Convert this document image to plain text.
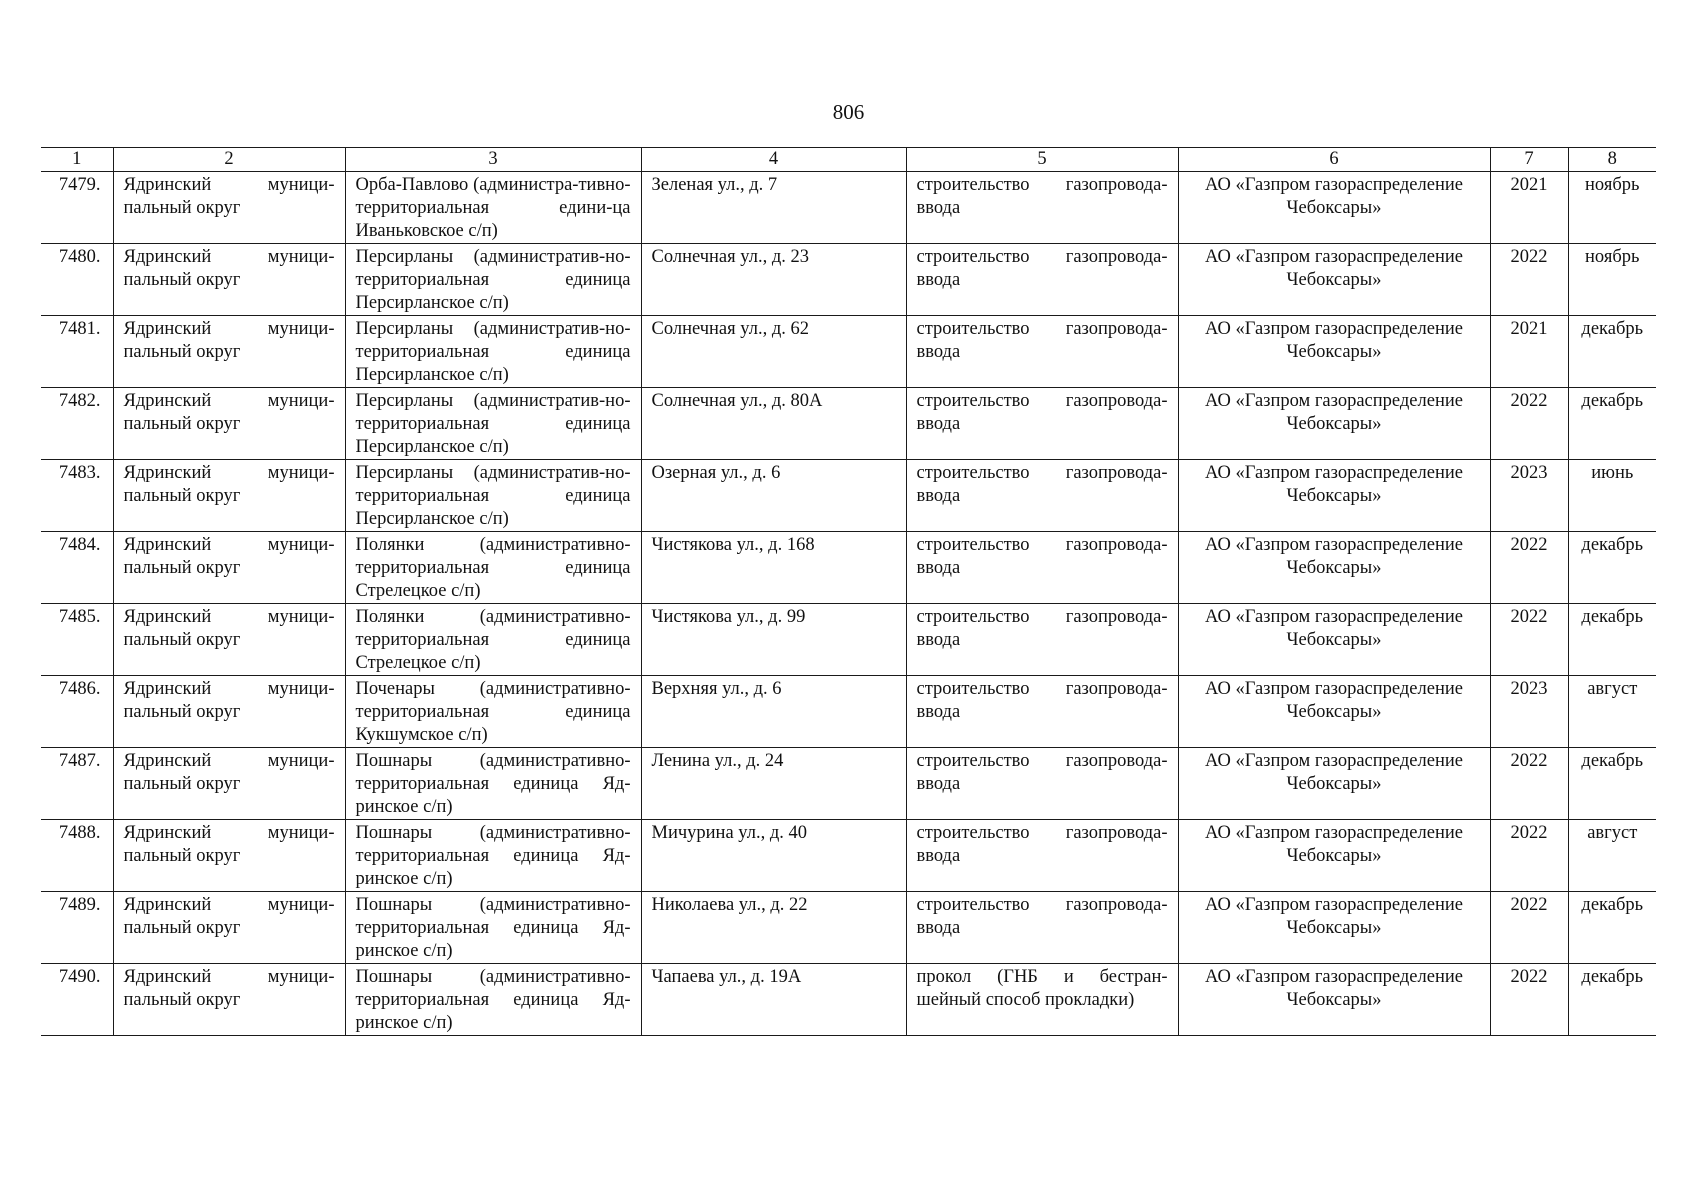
806
1	2	3	4	5	6	7	8
7479.	Ядринский муници-пальный округ	Орба-Павлово (администра-тивно-территориальная едини-ца Иваньковское с/п)	Зеленая ул., д. 7	строительство газопровода-ввода	АО «Газпром газораспределение Чебоксары»	2021	ноябрь
7480.	Ядринский муници-пальный округ	Персирланы (административ-но-территориальная единица Персирланское с/п)	Солнечная ул., д. 23	строительство газопровода-ввода	АО «Газпром газораспределение Чебоксары»	2022	ноябрь
7481.	Ядринский муници-пальный округ	Персирланы (административ-но-территориальная единица Персирланское с/п)	Солнечная ул., д. 62	строительство газопровода-ввода	АО «Газпром газораспределение Чебоксары»	2021	декабрь
7482.	Ядринский муници-пальный округ	Персирланы (административ-но-территориальная единица Персирланское с/п)	Солнечная ул., д. 80А	строительство газопровода-ввода	АО «Газпром газораспределение Чебоксары»	2022	декабрь
7483.	Ядринский муници-пальный округ	Персирланы (административ-но-территориальная единица Персирланское с/п)	Озерная ул., д. 6	строительство газопровода-ввода	АО «Газпром газораспределение Чебоксары»	2023	июнь
7484.	Ядринский муници-пальный округ	Полянки (административно-территориальная единица Стрелецкое с/п)	Чистякова ул., д. 168	строительство газопровода-ввода	АО «Газпром газораспределение Чебоксары»	2022	декабрь
7485.	Ядринский муници-пальный округ	Полянки (административно-территориальная единица Стрелецкое с/п)	Чистякова ул., д. 99	строительство газопровода-ввода	АО «Газпром газораспределение Чебоксары»	2022	декабрь
7486.	Ядринский муници-пальный округ	Поченары (административно-территориальная единица Кукшумское с/п)	Верхняя ул., д. 6	строительство газопровода-ввода	АО «Газпром газораспределение Чебоксары»	2023	август
7487.	Ядринский муници-пальный округ	Пошнары (административно-территориальная единица Яд-ринское с/п)	Ленина ул., д. 24	строительство газопровода-ввода	АО «Газпром газораспределение Чебоксары»	2022	декабрь
7488.	Ядринский муници-пальный округ	Пошнары (административно-территориальная единица Яд-ринское с/п)	Мичурина ул., д. 40	строительство газопровода-ввода	АО «Газпром газораспределение Чебоксары»	2022	август
7489.	Ядринский муници-пальный округ	Пошнары (административно-территориальная единица Яд-ринское с/п)	Николаева ул., д. 22	строительство газопровода-ввода	АО «Газпром газораспределение Чебоксары»	2022	декабрь
7490.	Ядринский муници-пальный округ	Пошнары (административно-территориальная единица Яд-ринское с/п)	Чапаева ул., д. 19А	прокол (ГНБ и бестран-шейный способ прокладки)	АО «Газпром газораспределение Чебоксары»	2022	декабрь
